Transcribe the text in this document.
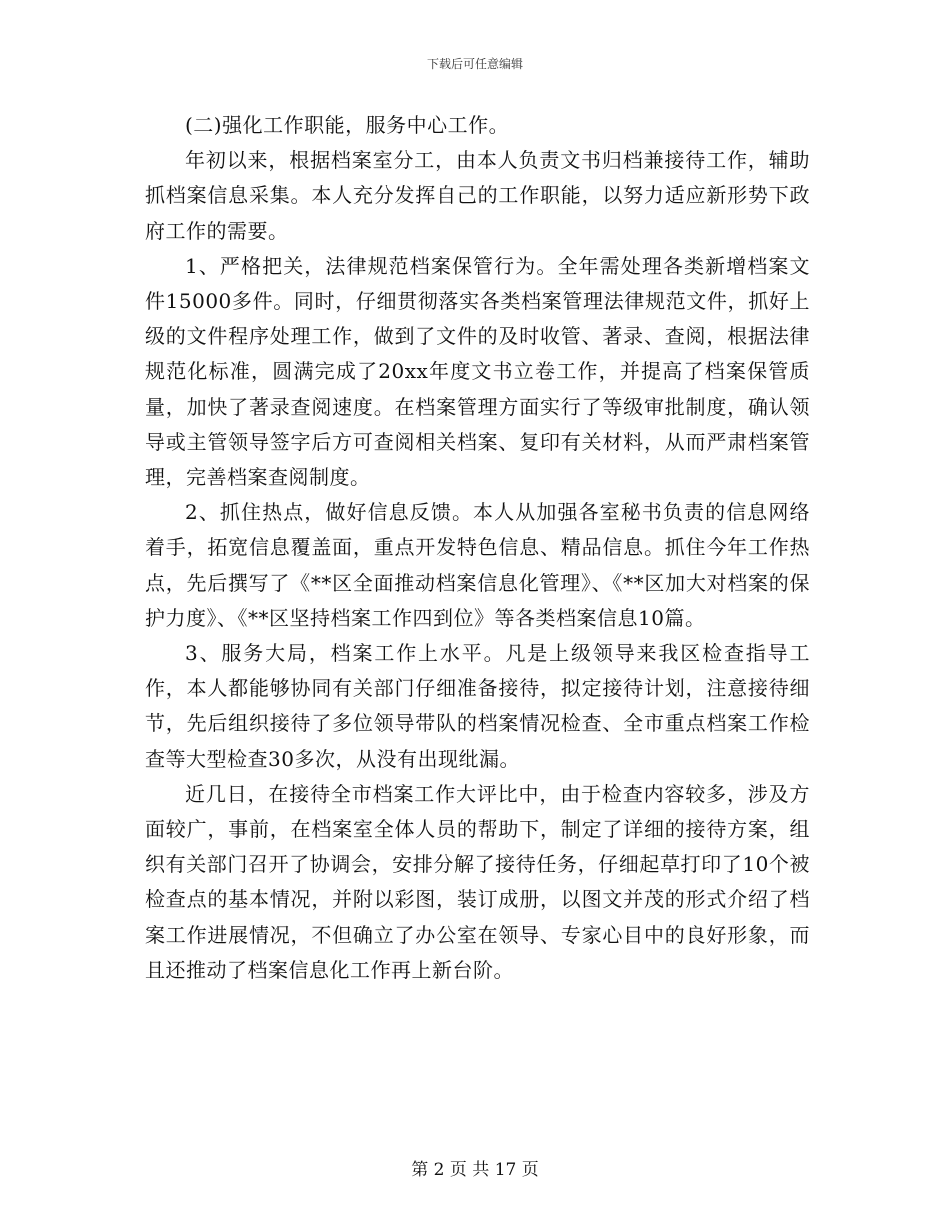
下载后可任意编辑

(二)强化工作职能，服务中心工作。

年初以来，根据档案室分工，由本人负责文书归档兼接待工作，辅助抓档案信息采集。本人充分发挥自己的工作职能，以努力适应新形势下政府工作的需要。

1、严格把关，法律规范档案保管行为。全年需处理各类新增档案文件15000多件。同时，仔细贯彻落实各类档案管理法律规范文件，抓好上级的文件程序处理工作，做到了文件的及时收管、著录、查阅，根据法律规范化标准，圆满完成了20xx年度文书立卷工作，并提高了档案保管质量，加快了著录查阅速度。在档案管理方面实行了等级审批制度，确认领导或主管领导签字后方可查阅相关档案、复印有关材料，从而严肃档案管理，完善档案查阅制度。

2、抓住热点，做好信息反馈。本人从加强各室秘书负责的信息网络着手，拓宽信息覆盖面，重点开发特色信息、精品信息。抓住今年工作热点，先后撰写了《**区全面推动档案信息化管理》、《**区加大对档案的保护力度》、《**区坚持档案工作四到位》等各类档案信息10篇。

3、服务大局，档案工作上水平。凡是上级领导来我区检查指导工作，本人都能够协同有关部门仔细准备接待，拟定接待计划，注意接待细节，先后组织接待了多位领导带队的档案情况检查、全市重点档案工作检查等大型检查30多次，从没有出现纰漏。

近几日，在接待全市档案工作大评比中，由于检查内容较多，涉及方面较广，事前，在档案室全体人员的帮助下，制定了详细的接待方案，组织有关部门召开了协调会，安排分解了接待任务，仔细起草打印了10个被检查点的基本情况，并附以彩图，装订成册，以图文并茂的形式介绍了档案工作进展情况，不但确立了办公室在领导、专家心目中的良好形象，而且还推动了档案信息化工作再上新台阶。

第 2 页 共 17 页
